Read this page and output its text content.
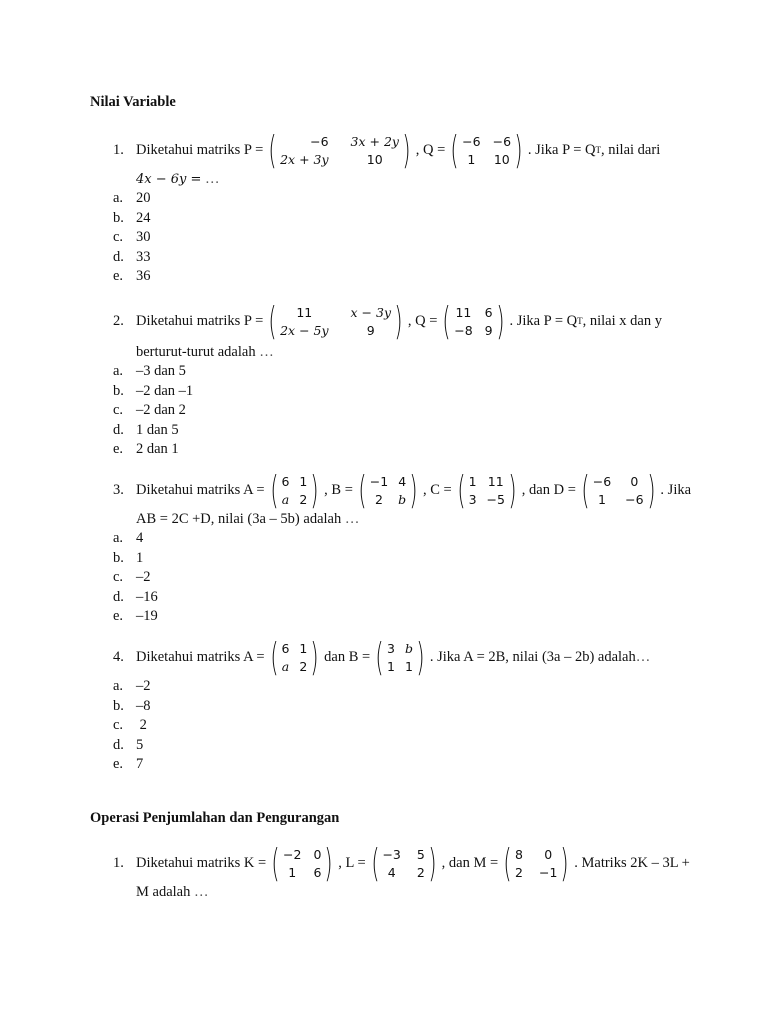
Nilai Variable
1. Diketahui matriks P = (	−6 3x + 2y
2x + 3y	10 ) , Q = ( −6 −6
1	10 ) . Jika P = Q T , nilai dari
4x − 6y = …
a. 20
b. 24
c. 30
d. 33
e. 36
2. Diketahui matriks P = (	11	x − 3y
2x − 5y	9 ) , Q = ( 11 6
−8 9 ) . Jika P = Q T , nilai x dan y
berturut-turut adalah …
a. –3 dan 5
b. –2 dan –1
c. –2 dan 2
d. 1 dan 5
e. 2 dan 1
3. Diketahui matriks A = ( 6 1
a 2 ) , B = ( −1 4
2	b ) , C = ( 1 11
3 −5 ) , dan D = ( −6	0
1	−6 ) . Jika
AB = 2C +D, nilai (3a – 5b) adalah …
a. 4
b. 1
c. –2
d. –16
e. –19
4. Diketahui matriks A = ( 6 1
a 2 ) dan B = ( 3 b
1 1 ) . Jika A = 2B, nilai (3a – 2b) adalah …
a. –2
b. –8
c. 2
d. 5
e. 7
Operasi Penjumlahan dan Pengurangan
1. Diketahui matriks K = ( −2 0
1	6 ) , L = ( −3 5
4	2 ) , dan M = ( 8	0
2 −1 ) . Matriks 2K – 3L +
M adalah …
